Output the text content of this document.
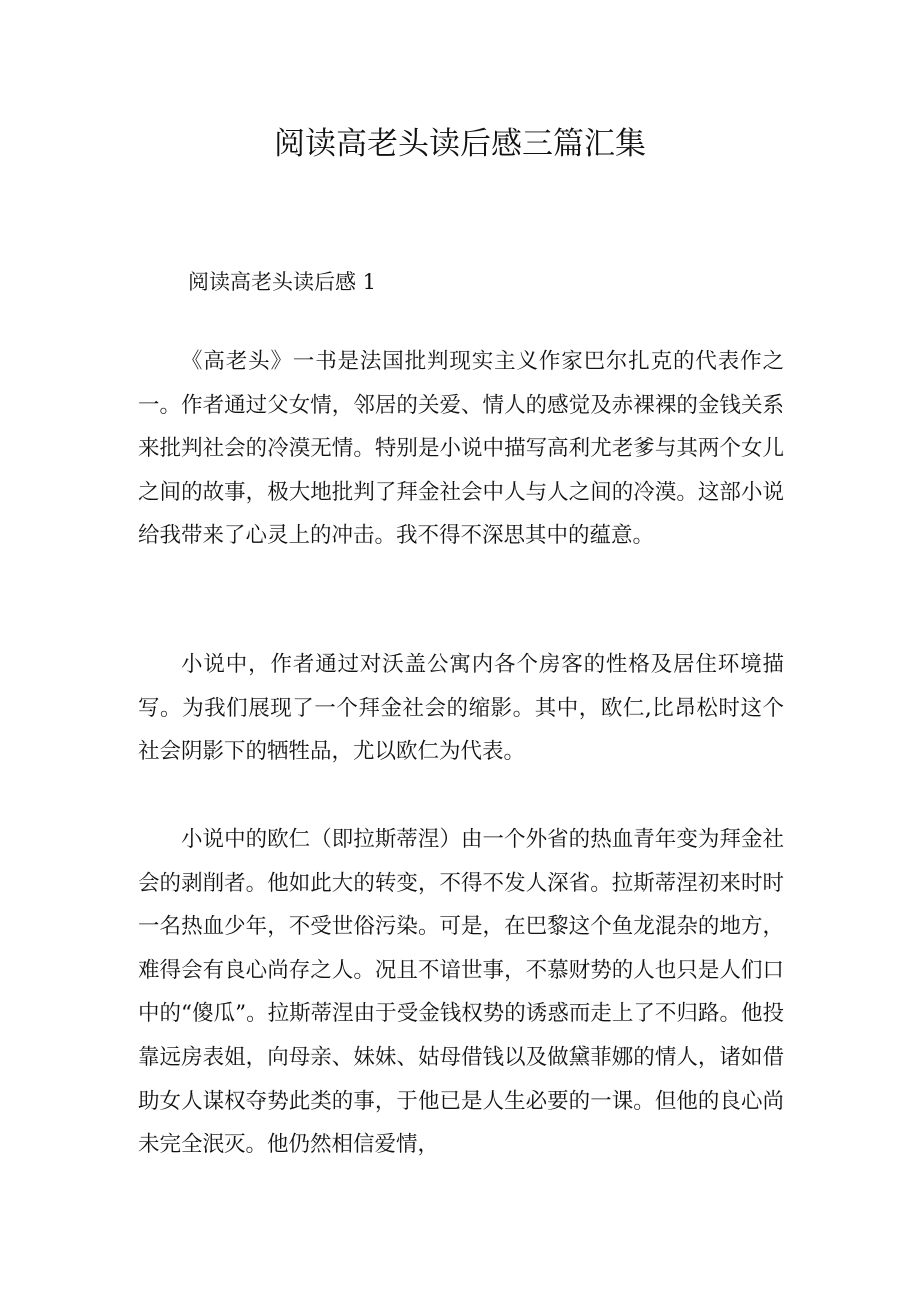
阅读高老头读后感三篇汇集
阅读高老头读后感 1

《高老头》一书是法国批判现实主义作家巴尔扎克的代表作之一。作者通过父女情，邻居的关爱、情人的感觉及赤裸裸的金钱关系来批判社会的冷漠无情。特别是小说中描写高利尤老爹与其两个女儿之间的故事，极大地批判了拜金社会中人与人之间的冷漠。这部小说给我带来了心灵上的冲击。我不得不深思其中的蕴意。

小说中，作者通过对沃盖公寓内各个房客的性格及居住环境描写。为我们展现了一个拜金社会的缩影。其中，欧仁,比昂松时这个社会阴影下的牺牲品，尤以欧仁为代表。

小说中的欧仁（即拉斯蒂涅）由一个外省的热血青年变为拜金社会的剥削者。他如此大的转变，不得不发人深省。拉斯蒂涅初来时时一名热血少年，不受世俗污染。可是，在巴黎这个鱼龙混杂的地方，难得会有良心尚存之人。况且不谙世事，不慕财势的人也只是人们口中的“傻瓜”。拉斯蒂涅由于受金钱权势的诱惑而走上了不归路。他投靠远房表姐，向母亲、妹妹、姑母借钱以及做黛菲娜的情人，诸如借助女人谋权夺势此类的事，于他已是人生必要的一课。但他的良心尚未完全泯灭。他仍然相信爱情，
